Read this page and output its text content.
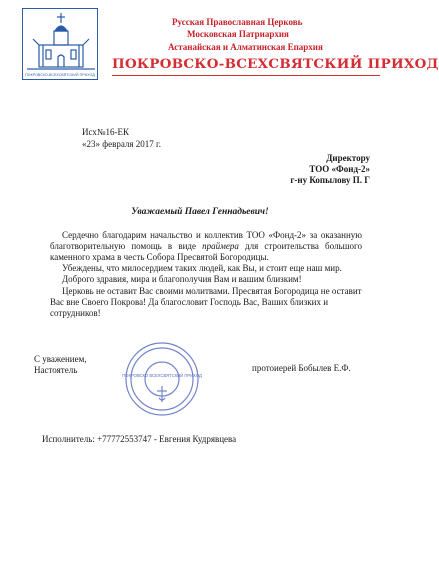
ПОКРОВСКО-ВСЕХСВЯТСКИЙ ПРИХОД
Русская Православная Церковь
Московская Патриархия
Астанайская и Алматинская Епархия
ПОКРОВСКО-ВСЕХСВЯТСКИЙ ПРИХОД
Исх№16-ЕК
«23» февраля 2017 г.
Директору
ТОО «Фонд-2»
г-ну Копылову П. Г
Уважаемый Павел Геннадьевич!
Сердечно благодарим начальство и коллектив ТОО «Фонд-2» за оказанную благотворительную помощь в виде праймера для строительства большого каменного храма в честь Собора Пресвятой Богородицы.
Убеждены, что милосердием таких людей, как Вы, и стоит еще наш мир.
Доброго здравия, мира и благополучия Вам и вашим близким!
Церковь не оставит Вас своими молитвами. Пресвятая Богородица не оставит Вас вне Своего Покрова! Да благословит Господь Вас, Ваших близких и сотрудников!
С уважением,
Настоятель	протоиерей Бобылев Е.Ф.
ПОКРОВСКО ВСЕХСВЯТСКИЙ ПРИХОД
Исполнитель: +77772553747 - Евгения Кудрявцева
